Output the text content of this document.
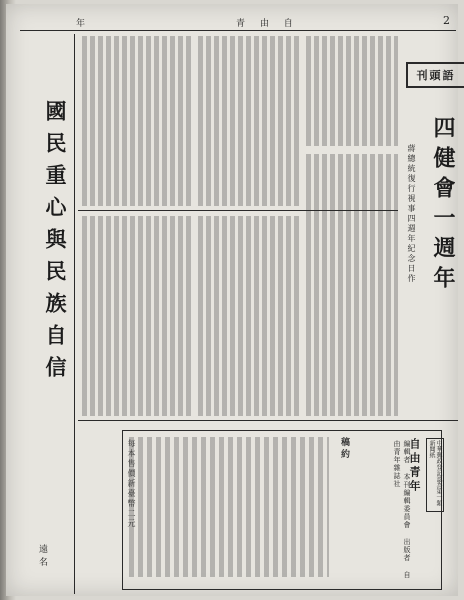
年	青 由 自	2
國民重心與民族自信
遠名
刊頭語
四健會一週年
蔣總統復行視事四週年紀念日作
稿約
每本售價新臺幣二元	自由青年
編輯者 本刊編輯委員會 出版者 自由青年雜誌社	中華郵政登記認為第一類新聞紙
